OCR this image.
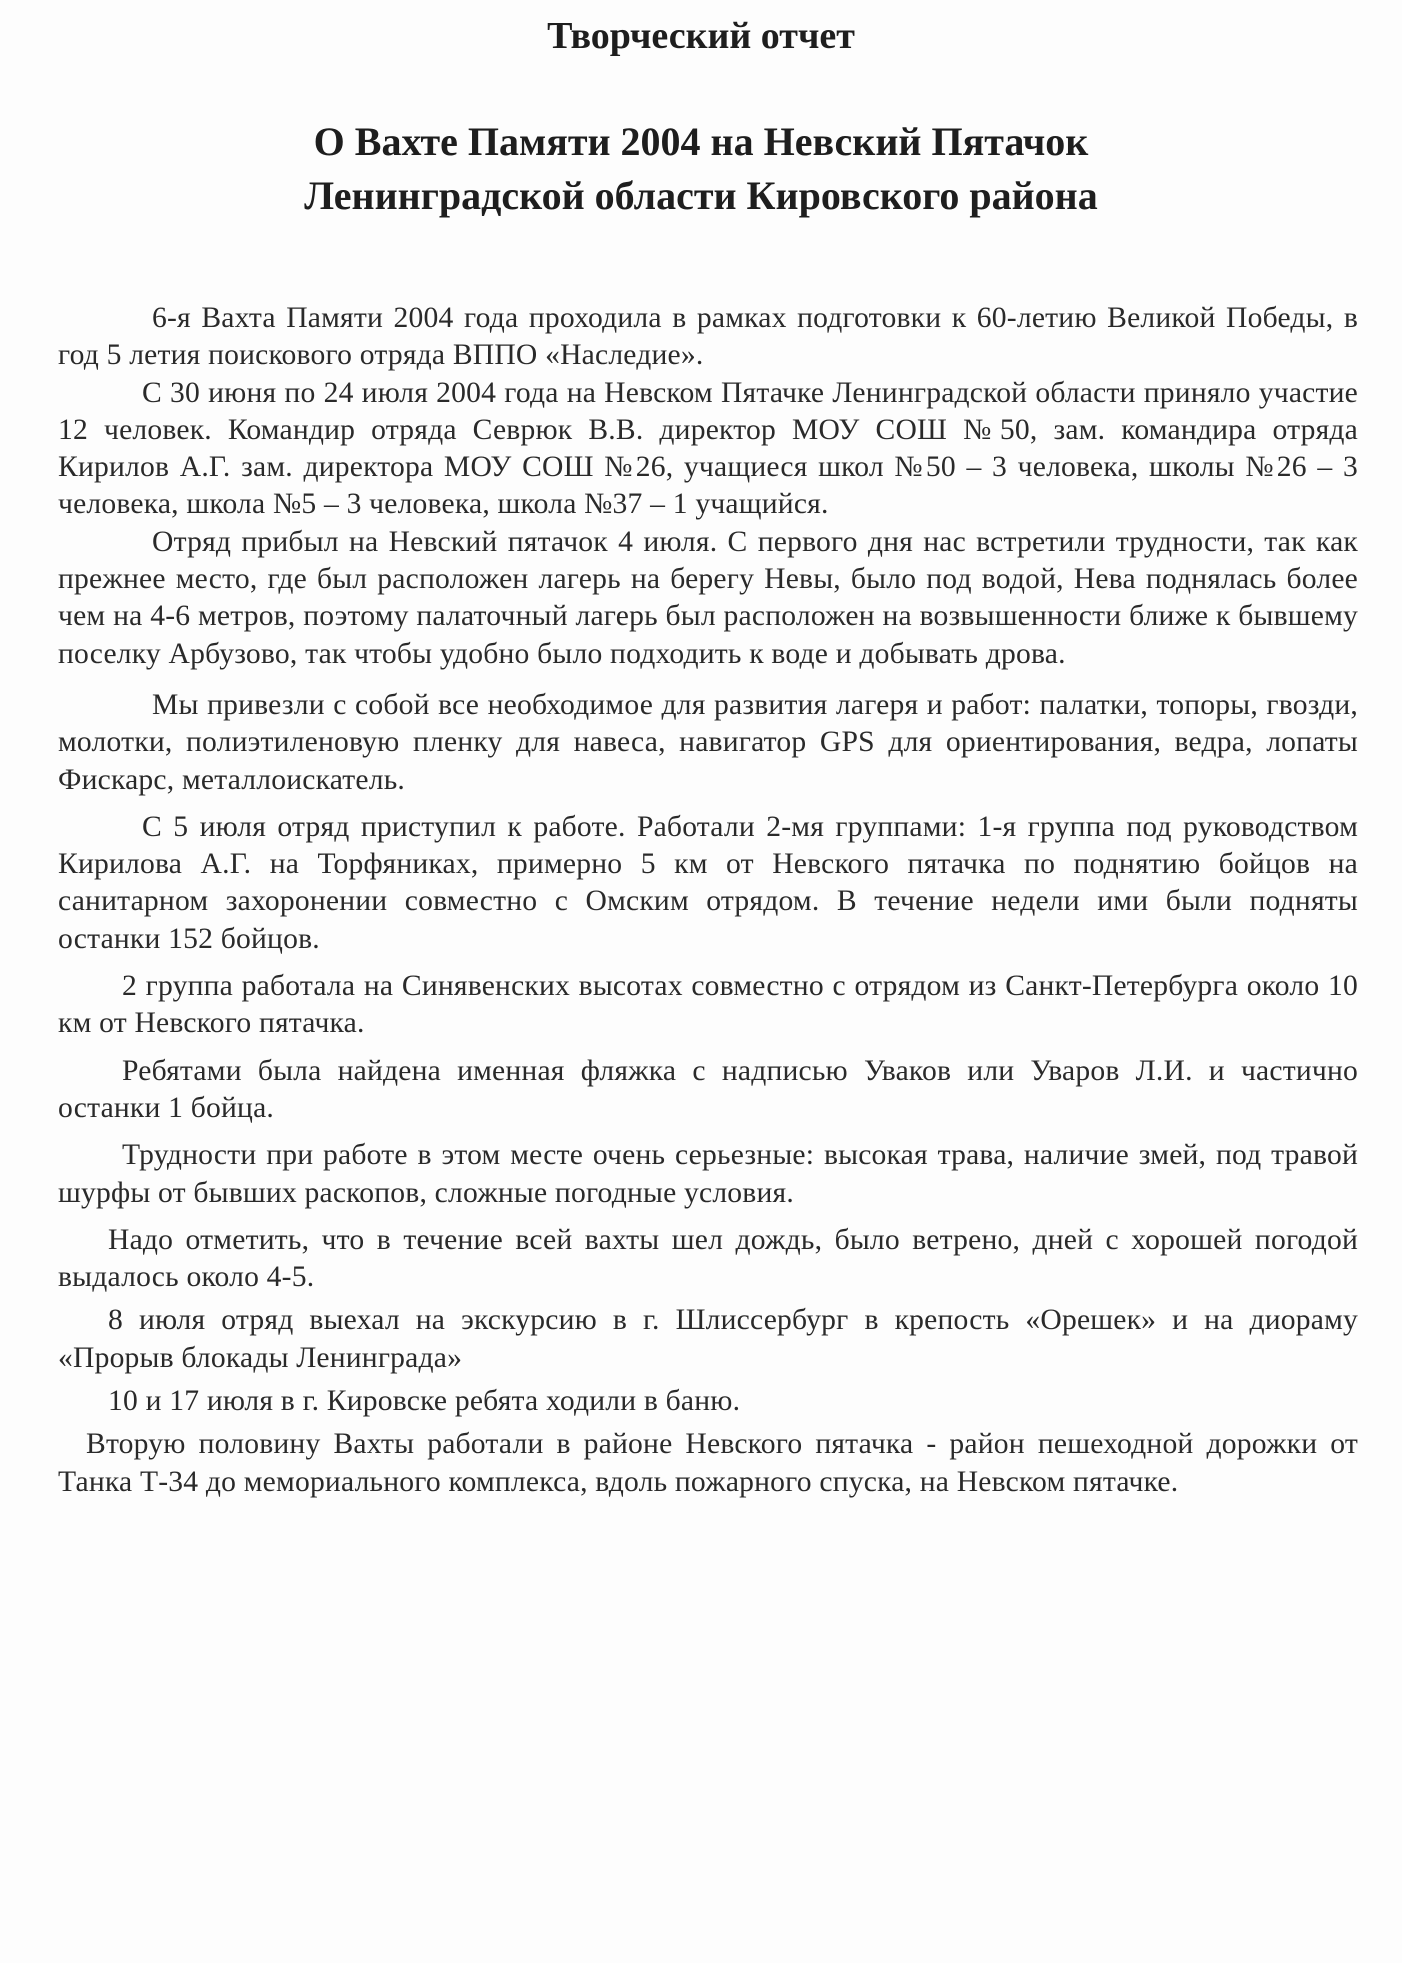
Творческий отчет
О Вахте Памяти 2004 на Невский Пятачок
Ленинградской области Кировского района

6-я Вахта Памяти 2004 года проходила в рамках подготовки к 60-летию Великой Победы, в год 5 летия поискового отряда ВППО «Наследие».

С 30 июня по 24 июля 2004 года на Невском Пятачке Ленинградской области приняло участие 12 человек. Командир отряда Севрюк В.В. директор МОУ СОШ №50, зам. командира отряда Кирилов А.Г. зам. директора МОУ СОШ №26, учащиеся школ №50 – 3 человека, школы №26 – 3 человека, школа №5 – 3 человека, школа №37 – 1 учащийся.

Отряд прибыл на Невский пятачок 4 июля. С первого дня нас встретили трудности, так как прежнее место, где был расположен лагерь на берегу Невы, было под водой, Нева поднялась более чем на 4-6 метров, поэтому палаточный лагерь был расположен на возвышенности ближе к бывшему поселку Арбузово, так чтобы удобно было подходить к воде и добывать дрова.

Мы привезли с собой все необходимое для развития лагеря и работ: палатки, топоры, гвозди, молотки, полиэтиленовую пленку для навеса, навигатор GPS для ориентирования, ведра, лопаты Фискарс, металлоискатель.

С 5 июля отряд приступил к работе. Работали 2-мя группами: 1-я группа под руководством Кирилова А.Г. на Торфяниках, примерно 5 км от Невского пятачка по поднятию бойцов на санитарном захоронении совместно с Омским отрядом. В течение недели ими были подняты останки 152 бойцов.

2 группа работала на Синявенских высотах совместно с отрядом из Санкт-Петербурга около 10 км от Невского пятачка.

Ребятами была найдена именная фляжка с надписью Уваков или Уваров Л.И. и частично останки 1 бойца.

Трудности при работе в этом месте очень серьезные: высокая трава, наличие змей, под травой шурфы от бывших раскопов, сложные погодные условия.

Надо отметить, что в течение всей вахты шел дождь, было ветрено, дней с хорошей погодой выдалось около 4-5.

8 июля отряд выехал на экскурсию в г. Шлиссербург в крепость «Орешек» и на диораму «Прорыв блокады Ленинграда»

10 и 17 июля в г. Кировске ребята ходили в баню.

Вторую половину Вахты работали в районе Невского пятачка - район пешеходной дорожки от Танка Т-34 до мемориального комплекса, вдоль пожарного спуска, на Невском пятачке.
